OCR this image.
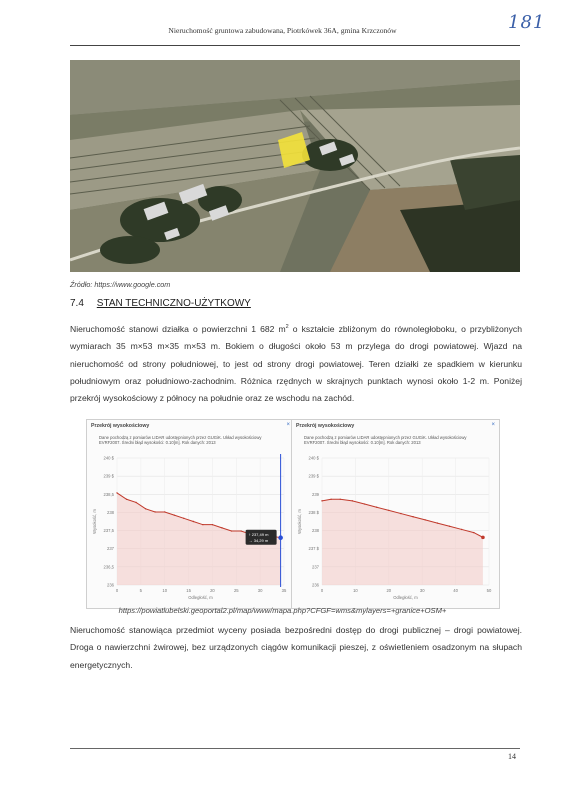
Nieruchomość gruntowa zabudowana, Piotrkówek 36A, gmina Krzczonów	181
Źródło: https://www.google.com
7.4 STAN TECHNICZNO-UŻYTKOWY
Nieruchomość stanowi działka o powierzchni 1 682 $m^2$ o kształcie zbliżonym do równoległoboku, o przybliżonych wymiarach 35 m×53 m×35 m×53 m. Bokiem o długości około 53 m przylega do drogi powiatowej. Wjazd na nieruchomość od strony południowej, to jest od strony drogi powiatowej. Teren działki ze spadkiem w kierunku południowym oraz południowo-zachodnim. Różnica rzędnych w skrajnych punktach wynosi około 1-2 m. Poniżej przekrój wysokościowy z północy na południe oraz ze wschodu na zachód.
Przekrój wysokościowy	×
Dane pochodzą z pomiarów LIDAR udostępnionych przez GUGiK. Układ wysokościowy EVRF2007. Średni błąd wysokości: 0.10[m]. Rok danych: 2013
240 $
239 $
238,5
238
237,5
237
236,5
236
0	5	10	15	20	25	30	35
Odległość, m
Wysokość, m
↑ 237,49 m
→ 34,29 m
Przekrój wysokościowy	×
Dane pochodzą z pomiarów LIDAR udostępnionych przez GUGiK. Układ wysokościowy EVRF2007. Średni błąd wysokości: 0.10[m]. Rok danych: 2013
240 $
239 $
239
238 $
238
237 $
237
236
0	10	20	30	40	50
Odległość, m
Wysokość, m
https://powiatlubelski.geoportal2.pl/map/www/mapa.php?CFGF=wms&mylayers=+granice+OSM+
Nieruchomość stanowiąca przedmiot wyceny posiada bezpośredni dostęp do drogi publicznej – drogi powiatowej. Droga o nawierzchni żwirowej, bez urządzonych ciągów komunikacji pieszej, z oświetleniem osadzonym na słupach energetycznych.
14
